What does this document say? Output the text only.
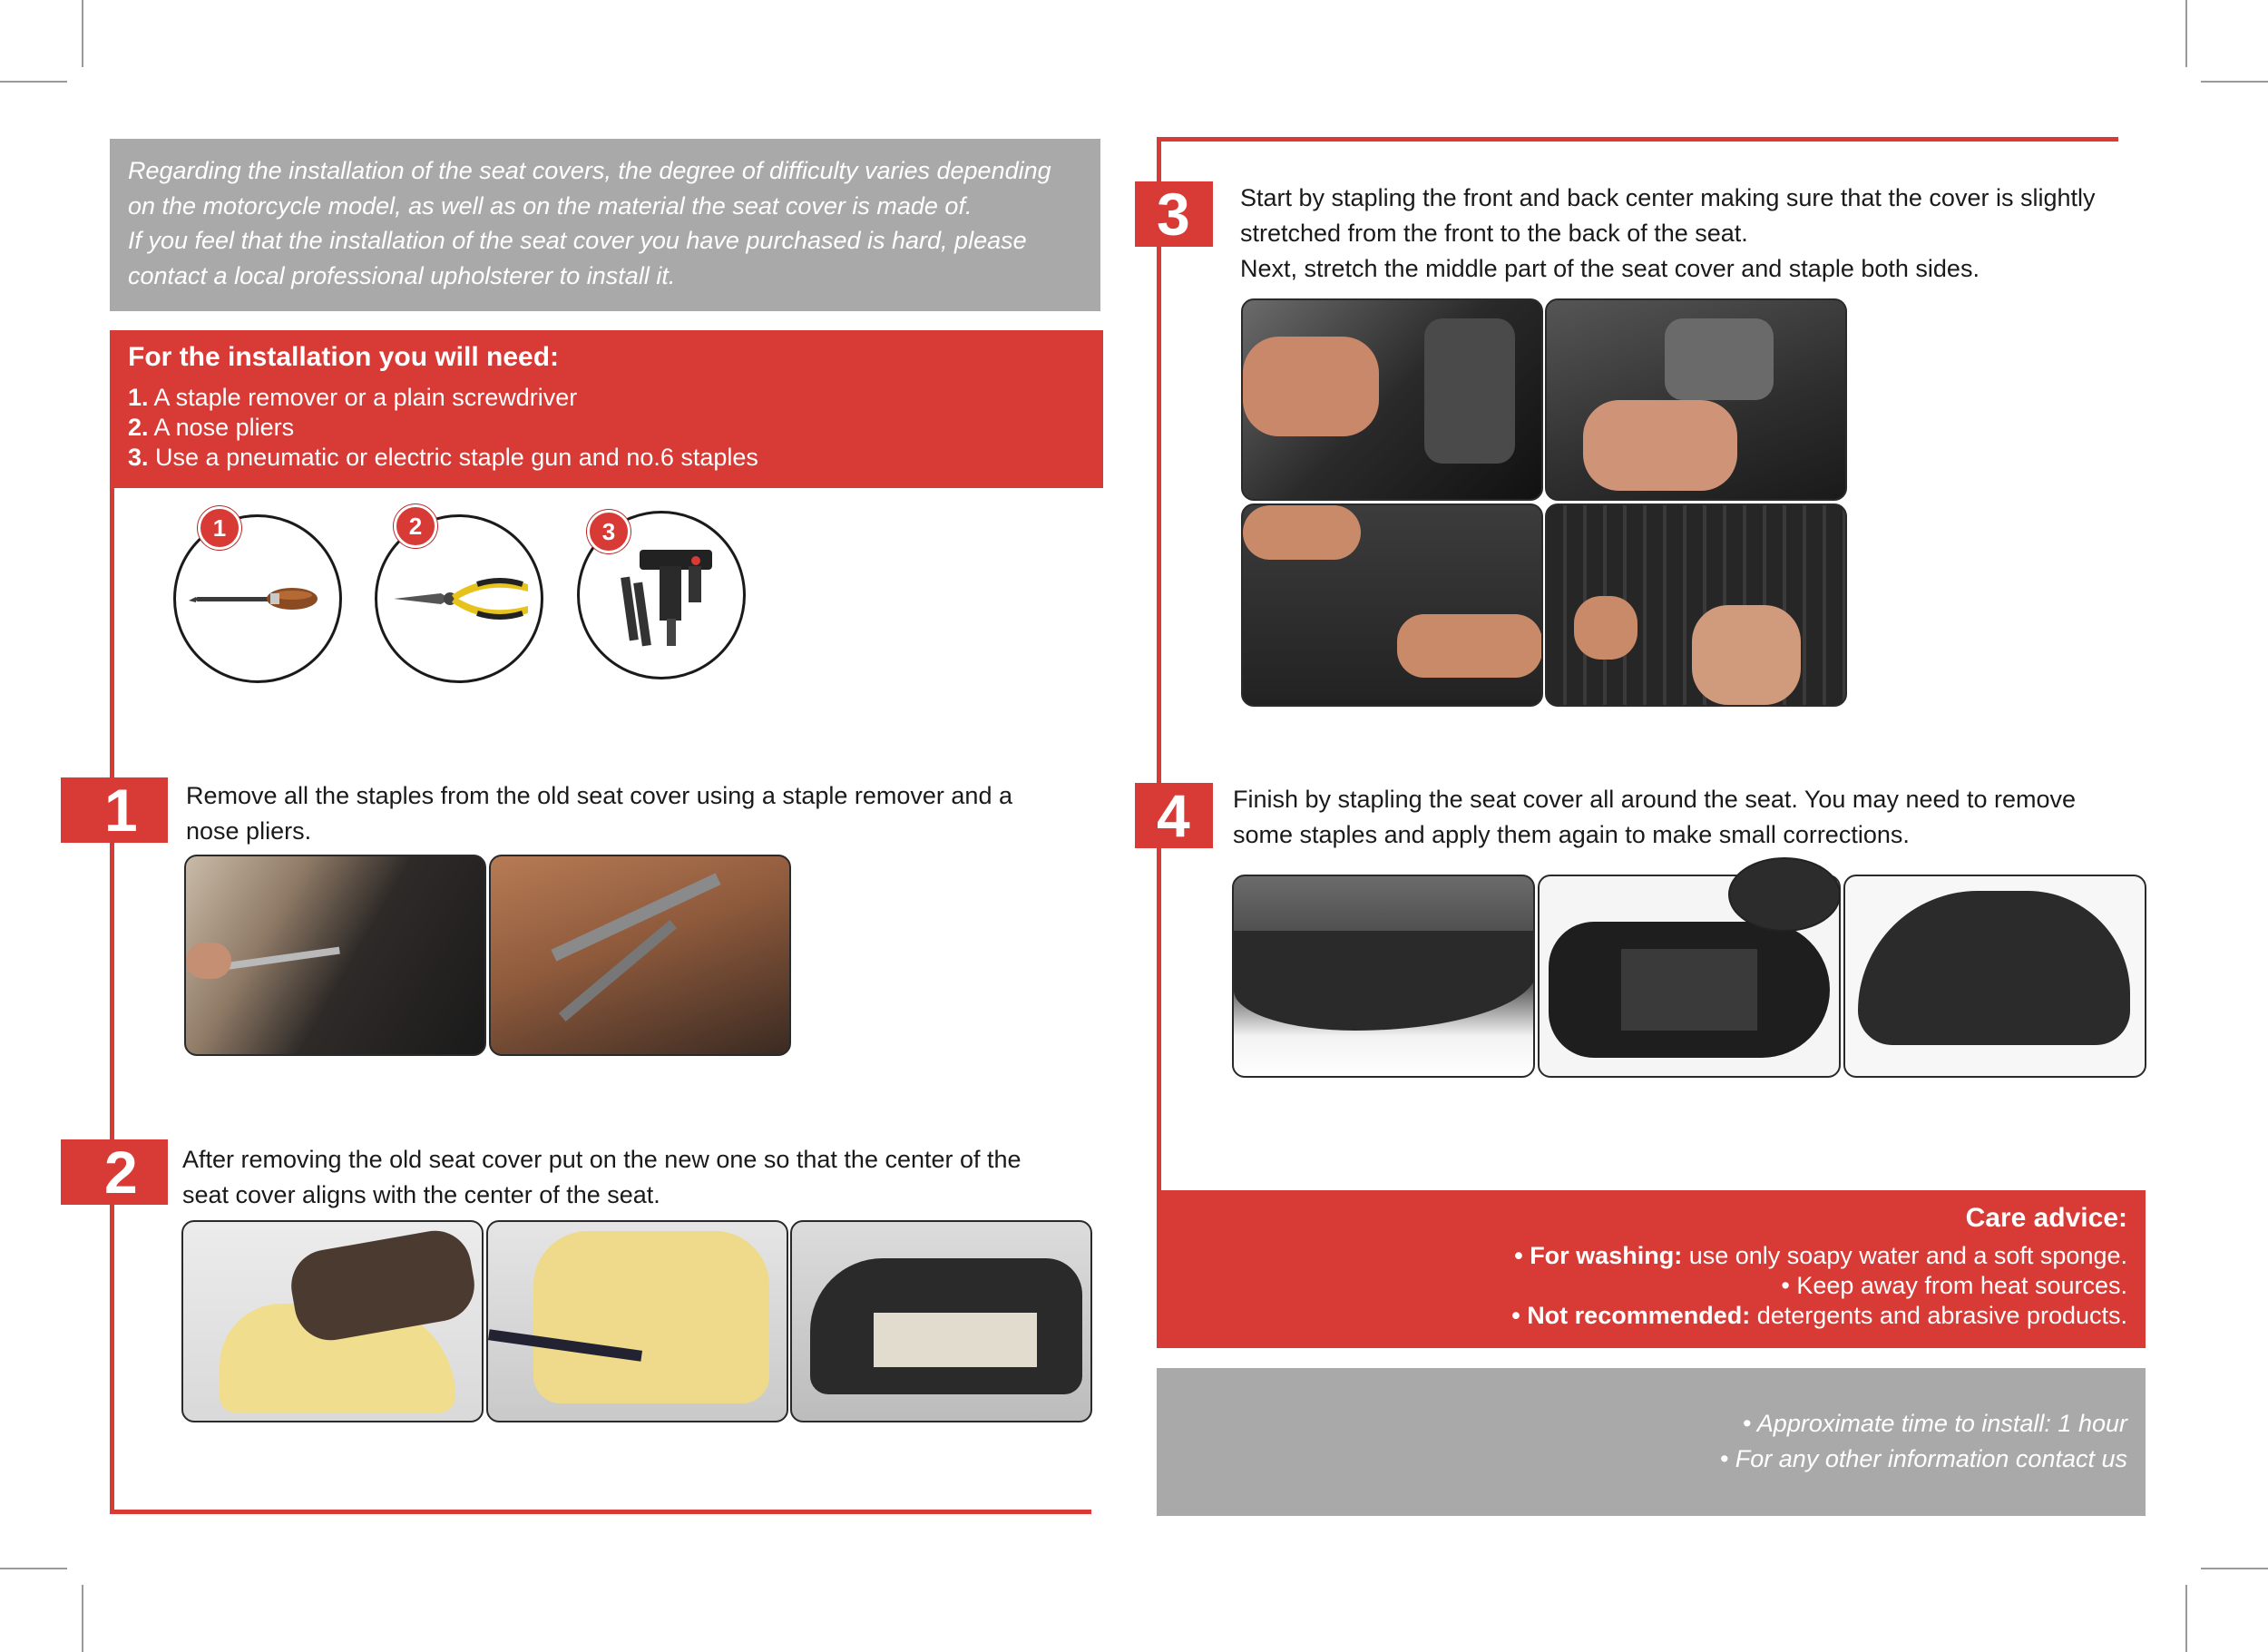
Regarding the installation of the seat covers, the degree of difficulty varies depending
on the motorcycle model, as well as on the material the seat cover is made of.
If you feel that the installation of the seat cover you have purchased is hard, please
contact a local professional upholsterer to install it.
For the installation you will need:
1. A staple remover or a plain screwdriver
2. A nose pliers
3. Use a pneumatic or electric staple gun and no.6 staples
1	2	3
1	Remove all the staples from the old seat cover using a staple remover and a
nose pliers.
2	After removing the old seat cover put on the new one so that the center of the
seat cover aligns with the center of the seat.
3	Start by stapling the front and back center making sure that the cover is slightly
stretched from the front to the back of the seat.
Next, stretch the middle part of the seat cover and staple both sides.
4	Finish by stapling the seat cover all around the seat. You may need to remove
some staples and apply them again to make small corrections.
Care advice:
• For washing: use only soapy water and a soft sponge.
• Keep away from heat sources.
• Not recommended: detergents and abrasive products.
• Approximate time to install: 1 hour
• For any other information contact us
